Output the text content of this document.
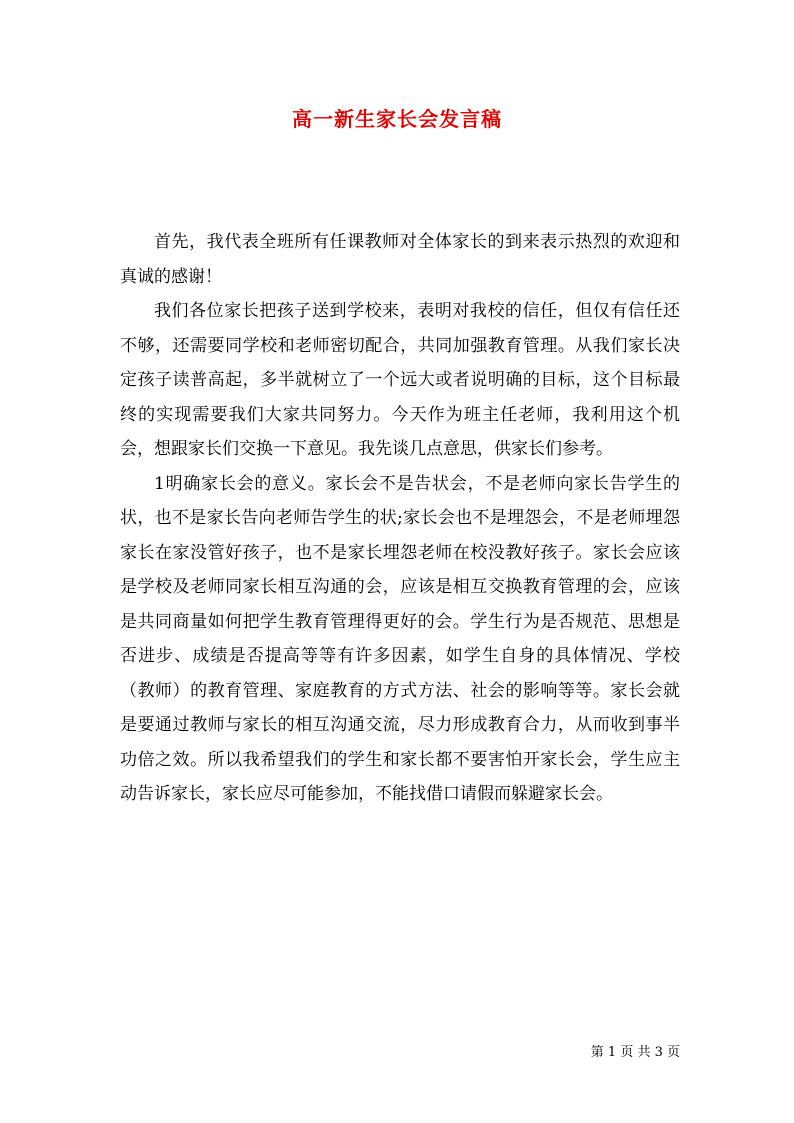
高一新生家长会发言稿

首先，我代表全班所有任课教师对全体家长的到来表示热烈的欢迎和真诚的感谢！

我们各位家长把孩子送到学校来，表明对我校的信任，但仅有信任还不够，还需要同学校和老师密切配合，共同加强教育管理。从我们家长决定孩子读普高起，多半就树立了一个远大或者说明确的目标，这个目标最终的实现需要我们大家共同努力。今天作为班主任老师，我利用这个机会，想跟家长们交换一下意见。我先谈几点意思，供家长们参考。

1明确家长会的意义。家长会不是告状会，不是老师向家长告学生的状，也不是家长告向老师告学生的状;家长会也不是埋怨会，不是老师埋怨家长在家没管好孩子，也不是家长埋怨老师在校没教好孩子。家长会应该是学校及老师同家长相互沟通的会，应该是相互交换教育管理的会，应该是共同商量如何把学生教育管理得更好的会。学生行为是否规范、思想是否进步、成绩是否提高等等有许多因素，如学生自身的具体情况、学校（教师）的教育管理、家庭教育的方式方法、社会的影响等等。家长会就是要通过教师与家长的相互沟通交流，尽力形成教育合力，从而收到事半功倍之效。所以我希望我们的学生和家长都不要害怕开家长会，学生应主动告诉家长，家长应尽可能参加，不能找借口请假而躲避家长会。

第 1 页 共 3 页
